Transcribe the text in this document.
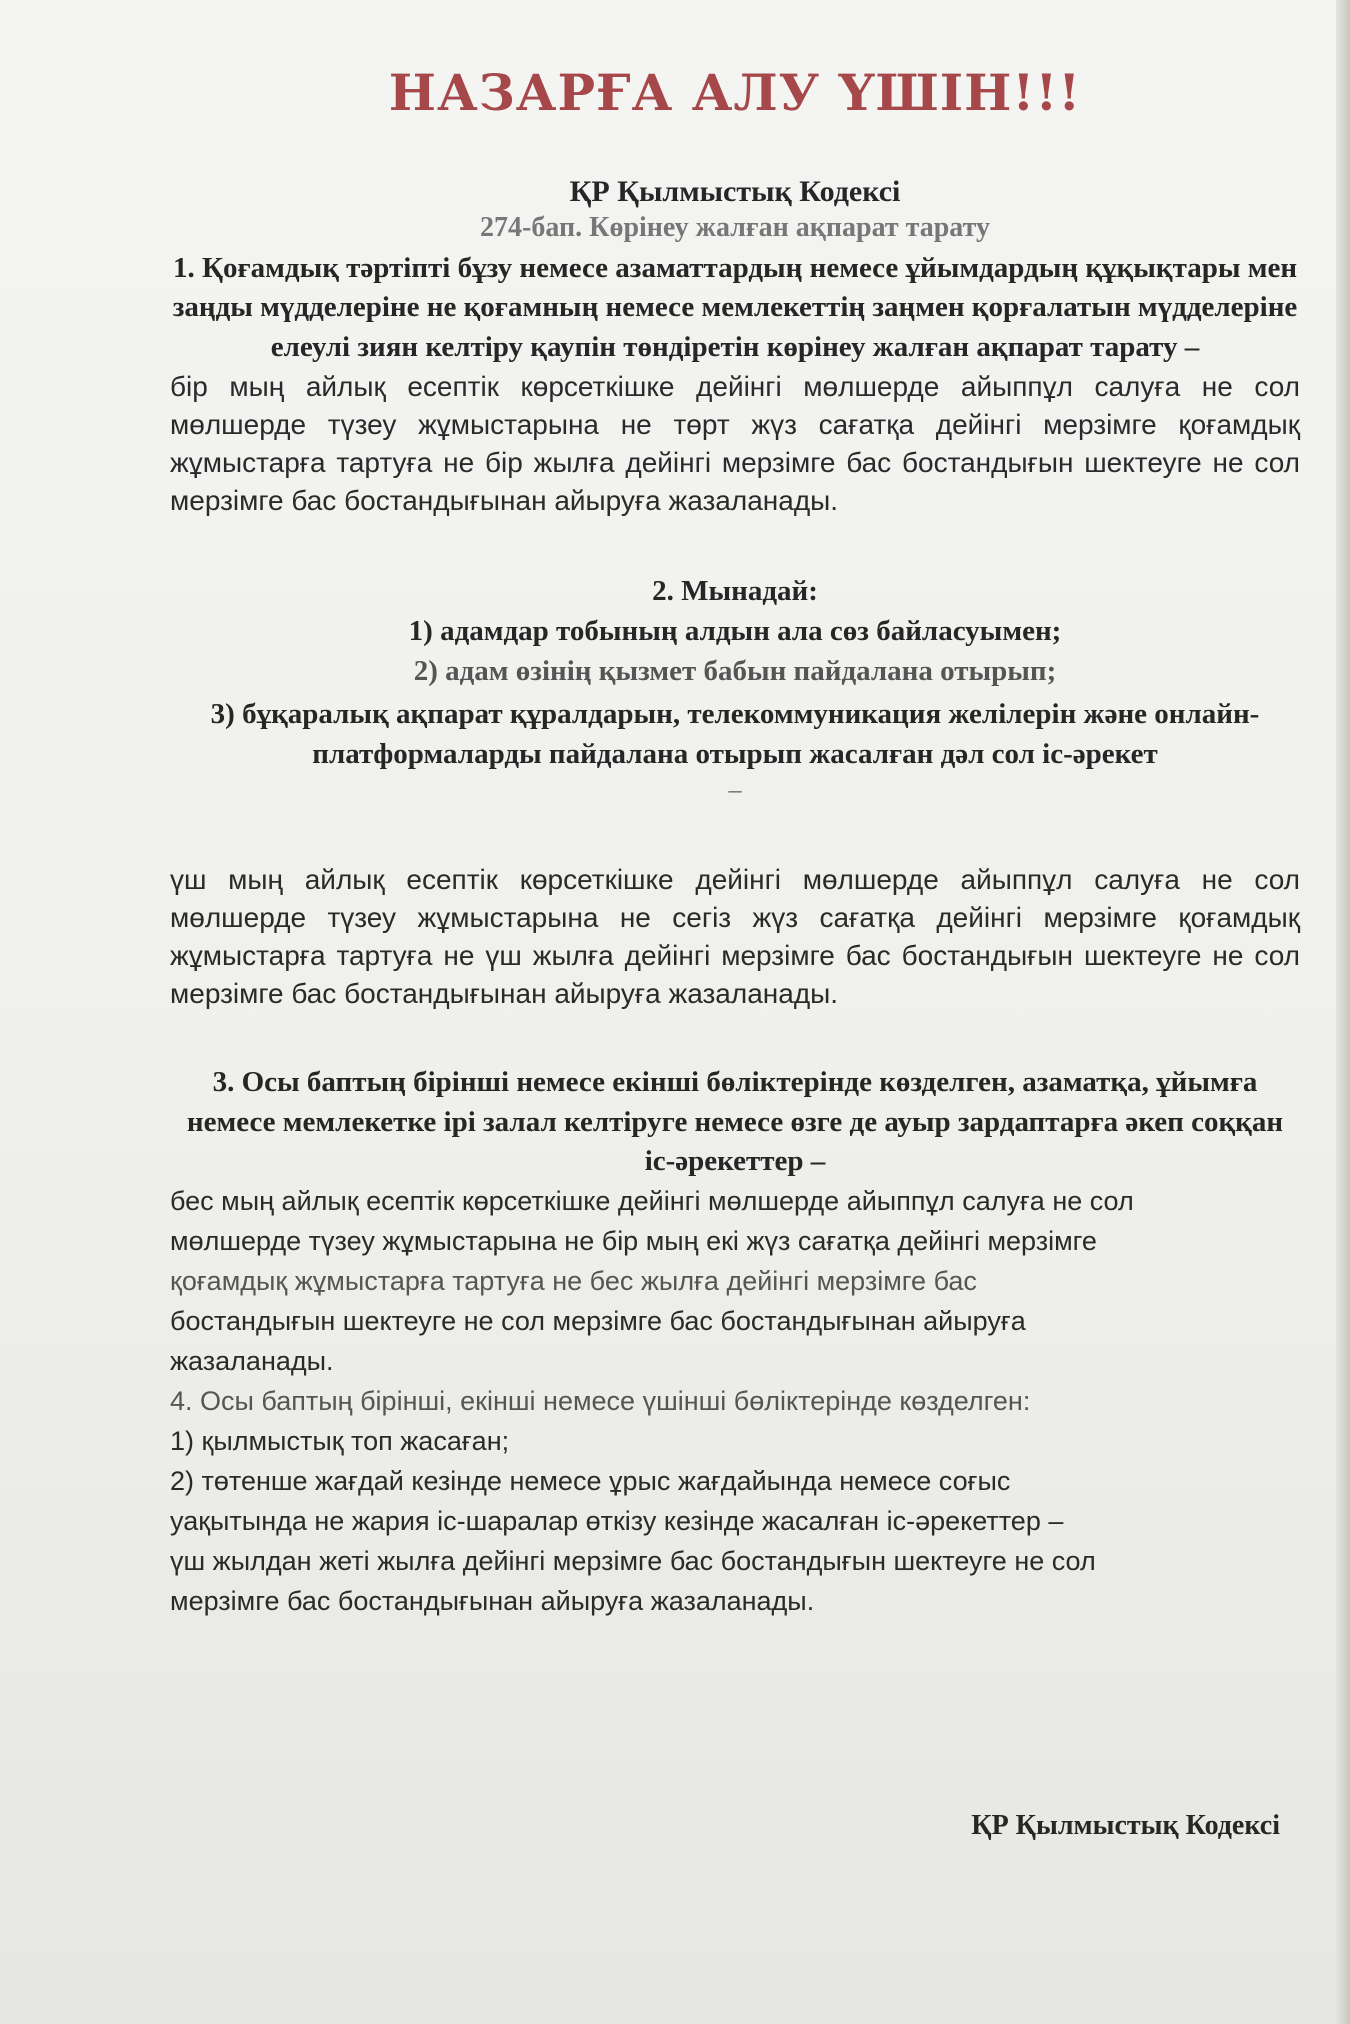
НАЗАРҒА АЛУ ҮШІН!!!
ҚР Қылмыстық Кодексі
274-бап. Көрінеу жалған ақпарат тарату
1. Қоғамдық тәртіпті бұзу немесе азаматтардың немесе ұйымдардың құқықтары мен заңды мүдделеріне не қоғамның немесе мемлекеттің заңмен қорғалатын мүдделеріне елеулі зиян келтіру қаупін төндіретін көрінеу жалған ақпарат тарату –
бір мың айлық есептік көрсеткішке дейінгі мөлшерде айыппұл салуға не сол мөлшерде түзеу жұмыстарына не төрт жүз сағатқа дейінгі мерзімге қоғамдық жұмыстарға тартуға не бір жылға дейінгі мерзімге бас бостандығын шектеуге не сол мерзімге бас бостандығынан айыруға жазаланады.
2. Мынадай:
1) адамдар тобының алдын ала сөз байласуымен;
2) адам өзінің қызмет бабын пайдалана отырып;
3) бұқаралық ақпарат құралдарын, телекоммуникация желілерін және онлайн-платформаларды пайдалана отырып жасалған дәл сол іс-әрекет
–
үш мың айлық есептік көрсеткішке дейінгі мөлшерде айыппұл салуға не сол мөлшерде түзеу жұмыстарына не сегіз жүз сағатқа дейінгі мерзімге қоғамдық жұмыстарға тартуға не үш жылға дейінгі мерзімге бас бостандығын шектеуге не сол мерзімге бас бостандығынан айыруға жазаланады.
3. Осы баптың бірінші немесе екінші бөліктерінде көзделген, азаматқа, ұйымға немесе мемлекетке ірі залал келтіруге немесе өзге де ауыр зардаптарға әкеп соққан іс-әрекеттер –
бес мың айлық есептік көрсеткішке дейінгі мөлшерде айыппұл салуға не сол
мөлшерде түзеу жұмыстарына не бір мың екі жүз сағатқа дейінгі мерзімге
қоғамдық жұмыстарға тартуға не бес жылға дейінгі мерзімге бас
бостандығын шектеуге не сол мерзімге бас бостандығынан айыруға
жазаланады.
4. Осы баптың бірінші, екінші немесе үшінші бөліктерінде көзделген:
1) қылмыстық топ жасаған;
2) төтенше жағдай кезінде немесе ұрыс жағдайында немесе соғыс
уақытында не жария іс-шаралар өткізу кезінде жасалған іс-әрекеттер –
үш жылдан жеті жылға дейінгі мерзімге бас бостандығын шектеуге не сол
мерзімге бас бостандығынан айыруға жазаланады.
ҚР Қылмыстық Кодексі
